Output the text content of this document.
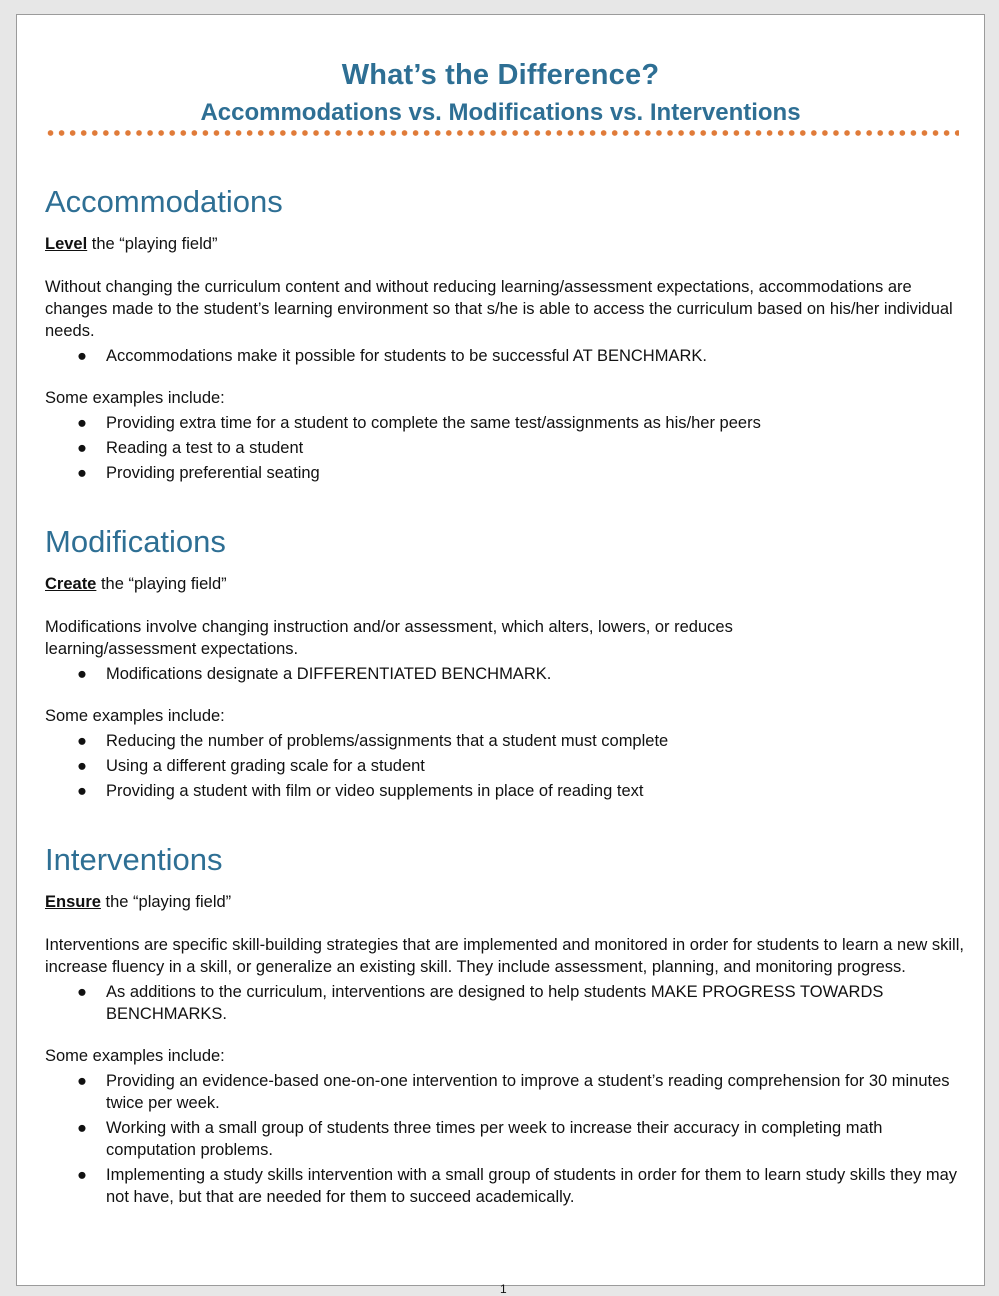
What’s the Difference?
Accommodations vs. Modifications vs. Interventions
Accommodations

Level the “playing field”

Without changing the curriculum content and without reducing learning/assessment expectations, accommodations are changes made to the student’s learning environment so that s/he is able to access the curriculum based on his/her individual needs.

● Accommodations make it possible for students to be successful AT BENCHMARK.

Some examples include:

● Providing extra time for a student to complete the same test/assignments as his/her peers
● Reading a test to a student
● Providing preferential seating
Modifications

Create the “playing field”

Modifications involve changing instruction and/or assessment, which alters, lowers, or reduces learning/assessment expectations.

● Modifications designate a DIFFERENTIATED BENCHMARK.

Some examples include:

● Reducing the number of problems/assignments that a student must complete
● Using a different grading scale for a student
● Providing a student with film or video supplements in place of reading text
Interventions

Ensure the “playing field”

Interventions are specific skill-building strategies that are implemented and monitored in order for students to learn a new skill, increase fluency in a skill, or generalize an existing skill. They include assessment, planning, and monitoring progress.

● As additions to the curriculum, interventions are designed to help students MAKE PROGRESS TOWARDS BENCHMARKS.

Some examples include:

● Providing an evidence-based one-on-one intervention to improve a student’s reading comprehension for 30 minutes twice per week.
● Working with a small group of students three times per week to increase their accuracy in completing math computation problems.
● Implementing a study skills intervention with a small group of students in order for them to learn study skills they may not have, but that are needed for them to succeed academically.
1
